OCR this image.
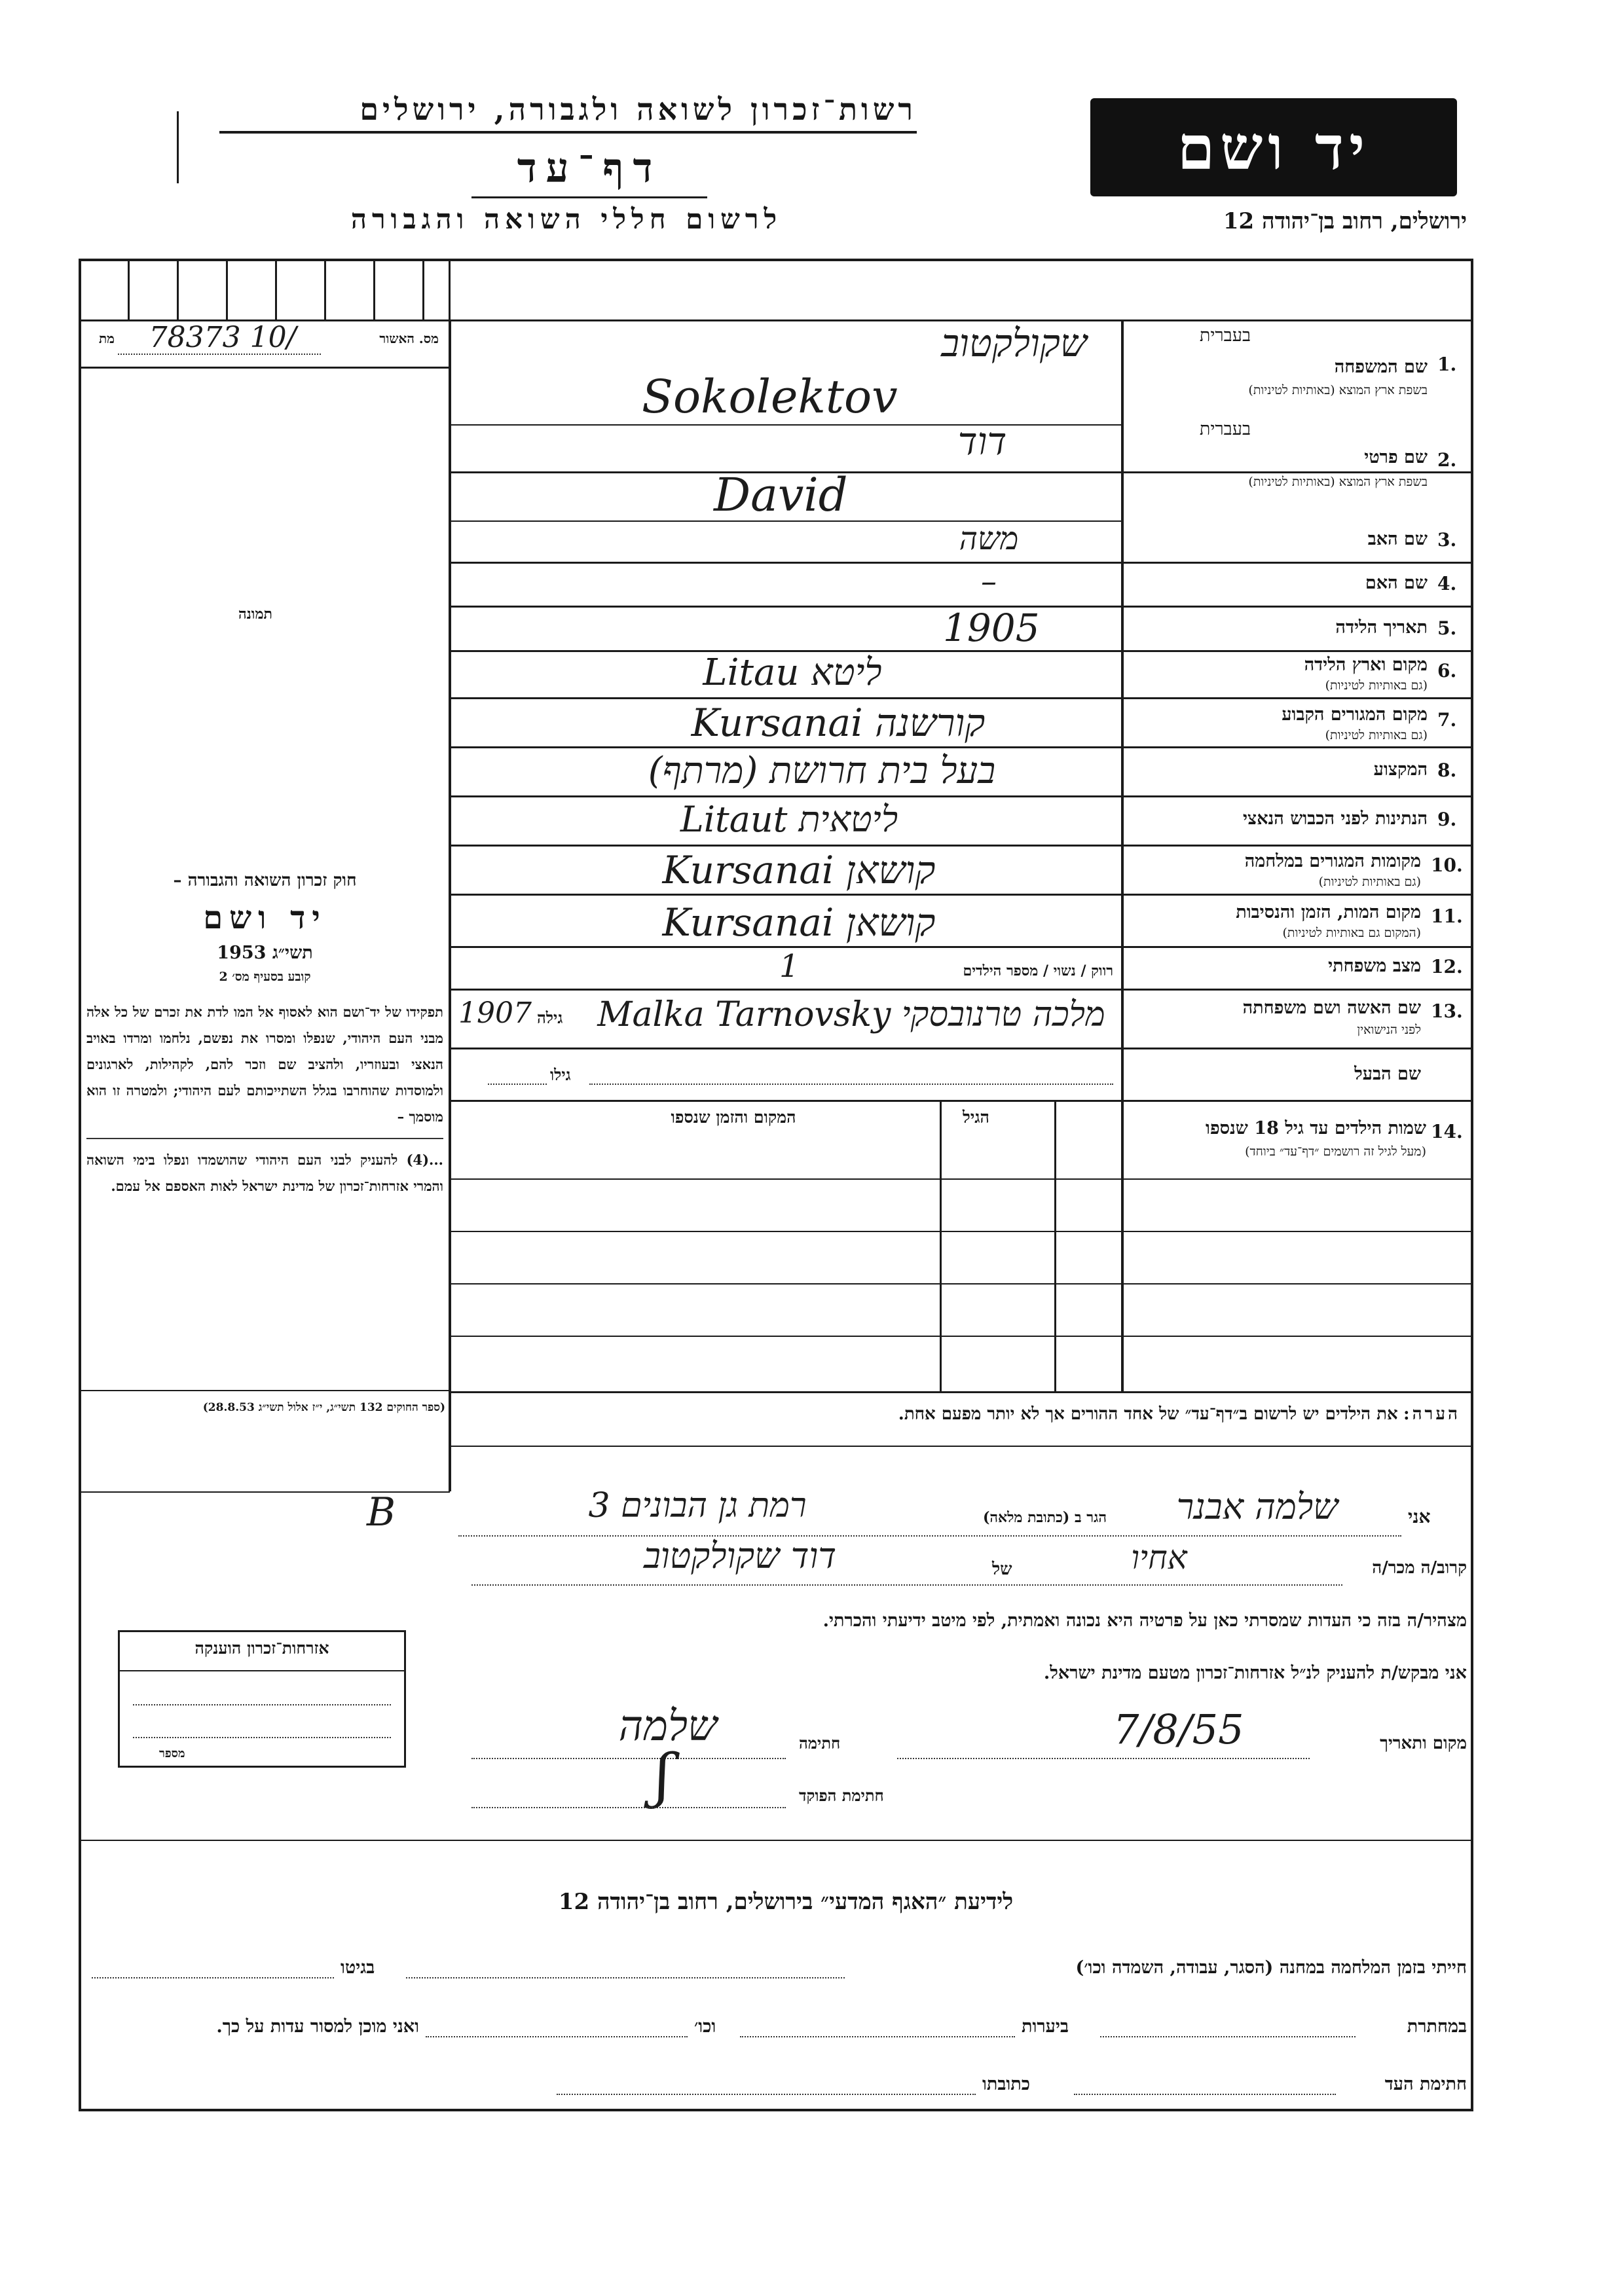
יד ושם
רשות־זכרון לשואה ולגבורה, ירושלים
דף־עד
לרשום חללי השואה והגבורה	ירושלים, רחוב בן־יהודה 12
מס. האשור
מת	/10 78373
תמונה
חוק זכרון השואה והגבורה –
יד ושם
תשי״ג 1953
קובע בסעיף מס׳ 2
תפקידו של יד־ושם הוא לאסוף אל המו לדת את זכרם של כל אלה מבני העם היהודי, שנפלו ומסרו את נפשם, נלחמו ומרדו באויב הנאצי ובעוזריו, ולהציב שם וזכר להם, לקהילות, לארגונים ולמוסדות שהוחרבו בגלל השתייכותם לעם היהודי; ולמטרה זו הוא מוסמך –
...(4) להעניק לבני העם היהודי שהושמדו ונפלו בימי השואה והמרי אזרחות־זכרון של מדינת ישראל לאות האספם אל עמם.
(ספר החוקים 132 תשי״ג, י״ז אלול תשי״ג 28.8.53)
1.
בעברית
שם המשפחה
בשפת ארץ המוצא (באותיות לטיניות)
שקולקטוב
Sokolektov
2.
בעברית
שם פרטי
בשפת ארץ המוצא (באותיות לטיניות)
דוד
David
3.
שם האב
משה
4.
שם האם
–
5.
תאריך הלידה
1905
6.
מקום וארץ הלידה
(גם באותיות לטיניות)
ליטא Litau
7.
מקום המגורים הקבוע
(גם באותיות לטיניות)
Kursanai קורשנה
8.
המקצוע
בעל בית חרושת (מרתף)
9.
הנתינות לפני הכבוש הנאצי
ליטאית Litaut
10.
מקומות המגורים במלחמה
(גם באותיות לטיניות)
Kursanai קושאן
11.
מקום המות, הזמן והנסיבות
(המקום גם באותיות לטיניות)
Kursanai קושאן
12.
מצב משפחתי
רווק / נשוי / מספר הילדים
1
13.
שם האשה ושם משפחתה
לפני הנישואין
גילה
1907 מלכה טרנובסקי Malka Tarnovsky
שם הבעל
גילו
14.
שמות הילדים עד גיל 18 שנספו
(מעל לגיל זה רושמים ״דף־עד״ ביוחד)
הגיל
המקום והזמן שנספו
הערה: את הילדים יש לרשום ב״דף־עד״ של אחד ההורים אך לא יותר מפעם אחת.
אני
שלמה אבנר
הגר ב (כתובת מלאה)
רמת גן הבונים 3
B
קרוב/ה מכר/ה
אחיו
של
דוד שקולקטוב
מצהיר/ה בזה כי העדות שמסרתי כאן על פרטיה היא נכונה ואמתית, לפי מיטב ידיעתי והכרתי.
אני מבקש/ת להעניק לנ״ל אזרחות־זכרון מטעם מדינת ישראל.
מקום ותאריך
7/8/55
חתימה
שלמה
ʃ	חתימת הפוקד
אזרחות־זכרון הוענקה
מספר
לידיעת ״האגף המדעי״ בירושלים, רחוב בן־יהודה 12
חייתי בזמן המלחמה במחנה (הסגר, עבודה, השמדה וכו׳)
בגיטו
במחתרת
ביערות
וכו׳
ואני מוכן למסור עדות על כך.
חתימת העד
כתובתו
